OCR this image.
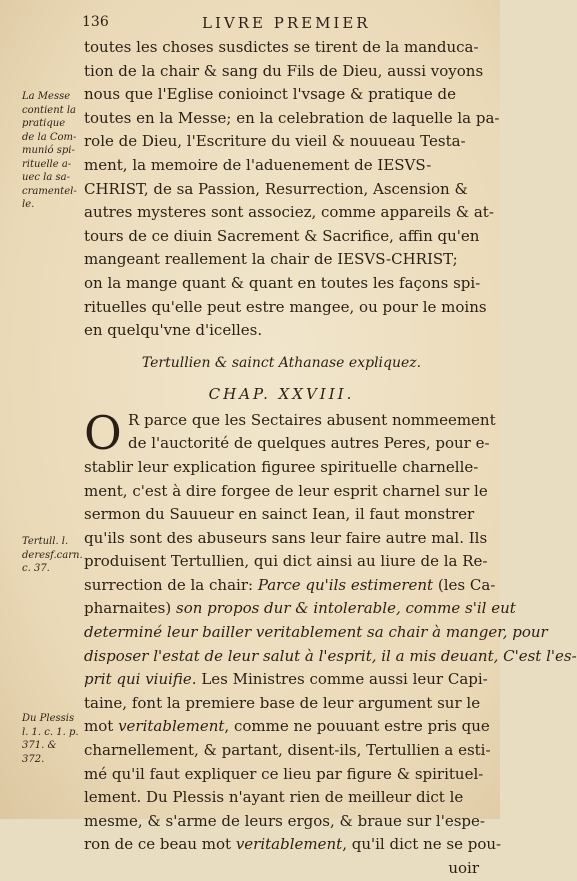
136	LIVRE PREMIER
La Messe
contient la
pratique
de la Com-
munió spi-
rituelle a-
uec la sa-
cramentel-
le.
Tertull. l.
deresf.carn.
c. 37.
Du Plessis
l. 1. c. 1. p.
371. &
372.
toutes les choses susdictes se tirent de la manduca-
tion de la chair & sang du Fils de Dieu, aussi voyons
nous que l'Eglise conioinct l'vsage & pratique de
toutes en la Messe; en la celebration de laquelle la pa-
role de Dieu, l'Escriture du vieil & nouueau Testa-
ment, la memoire de l'aduenement de IESVS-
CHRIST, de sa Passion, Resurrection, Ascension &
autres mysteres sont associez, comme appareils & at-
tours de ce diuin Sacrement & Sacrifice, affin qu'en
mangeant reallement la chair de IESVS-CHRIST;
on la mange quant & quant en toutes les façons spi-
rituelles qu'elle peut estre mangee, ou pour le moins
en quelqu'vne d'icelles.
Tertullien & sainct Athanase expliquez.
CHAP. XXVIII.
O R parce que les Sectaires abusent nommeement
de l'auctorité de quelques autres Peres, pour e-
stablir leur explication figuree spirituelle charnelle-
ment, c'est à dire forgee de leur esprit charnel sur le
sermon du Sauueur en sainct Iean, il faut monstrer
qu'ils sont des abuseurs sans leur faire autre mal. Ils
produisent Tertullien, qui dict ainsi au liure de la Re-
surrection de la chair: Parce qu'ils estimerent (les Ca-
pharnaites) son propos dur & intolerable, comme s'il eut
determiné leur bailler veritablement sa chair à manger, pour
disposer l'estat de leur salut à l'esprit, il a mis deuant, C'est l'es-
prit qui viuifie. Les Ministres comme aussi leur Capi-
taine, font la premiere base de leur argument sur le
mot veritablement, comme ne pouuant estre pris que
charnellement, & partant, disent-ils, Tertullien a esti-
mé qu'il faut expliquer ce lieu par figure & spirituel-
lement. Du Plessis n'ayant rien de meilleur dict le
mesme, & s'arme de leurs ergos, & braue sur l'espe-
ron de ce beau mot veritablement, qu'il dict ne se pou-
uoir
